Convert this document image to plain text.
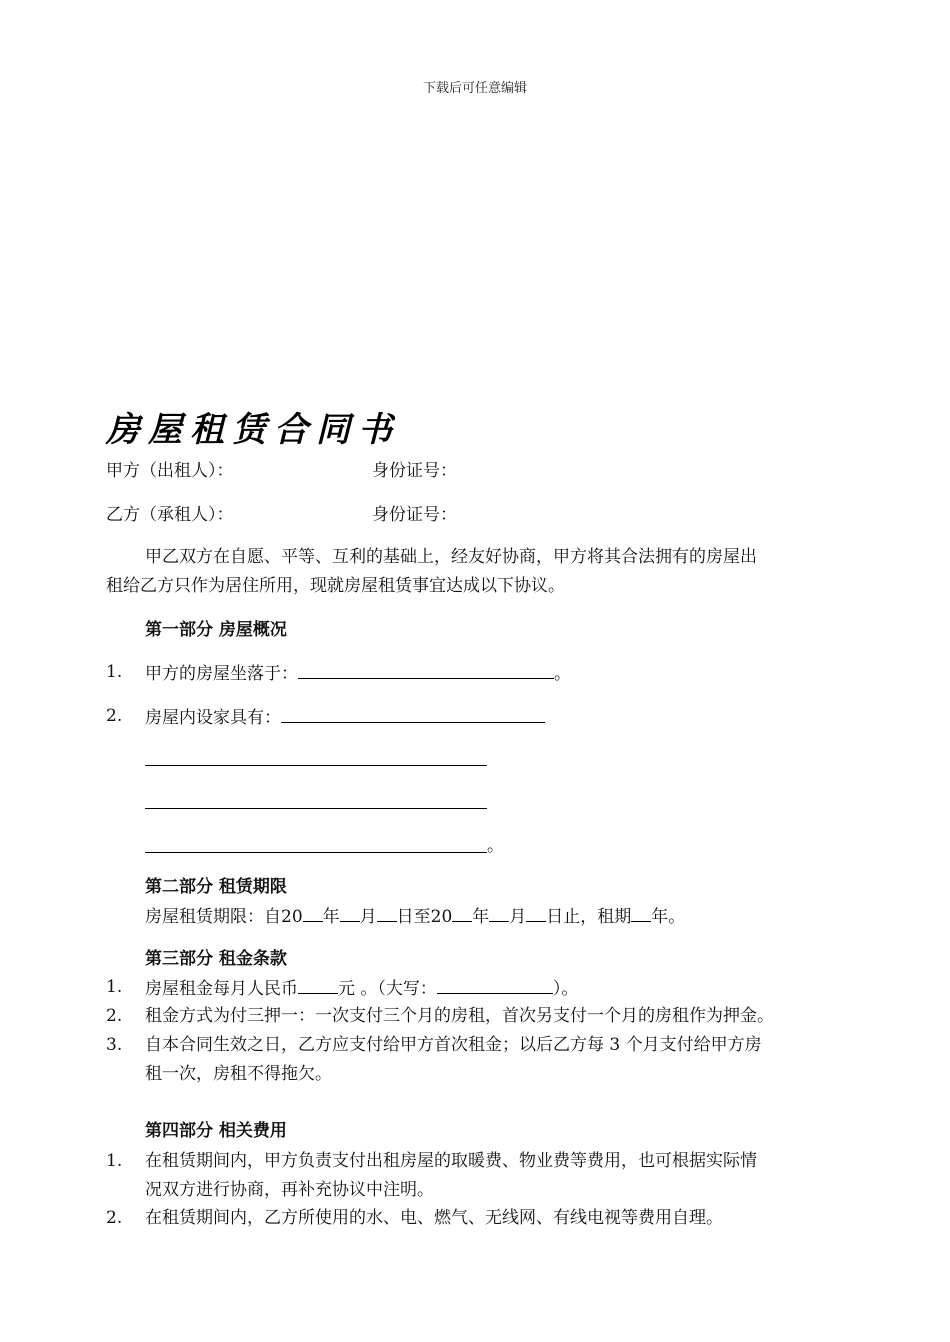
下载后可任意编辑
房屋租赁合同书
甲方（出租人）：	身份证号：
乙方（承租人）：	身份证号：
甲乙双方在自愿、平等、互利的基础上，经友好协商，甲方将其合法拥有的房屋出
租给乙方只作为居住所用，现就房屋租赁事宜达成以下协议。
第一部分 房屋概况
1. 甲方的房屋坐落于：	。
2. 房屋内设家具有：
。
第二部分 租赁期限
房屋租赁期限：自20 年 月 日至20 年 月 日止，租期 年。
第三部分 租金条款
1. 房屋租金每月人民币 元 。（大写：	）。
2. 租金方式为付三押一：一次支付三个月的房租，首次另支付一个月的房租作为押金。
3. 自本合同生效之日，乙方应支付给甲方首次租金；以后乙方每 3 个月支付给甲方房
租一次，房租不得拖欠。
第四部分 相关费用
1. 在租赁期间内，甲方负责支付出租房屋的取暖费、物业费等费用，也可根据实际情
况双方进行协商，再补充协议中注明。
2. 在租赁期间内，乙方所使用的水、电、燃气、无线网、有线电视等费用自理。
